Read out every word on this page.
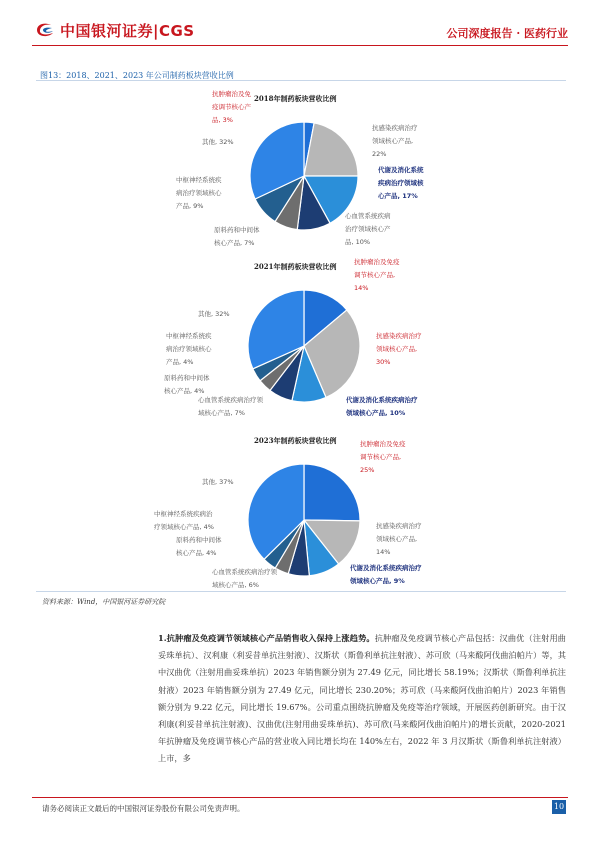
中国银河证券|CGS	公司深度报告 · 医药行业
图13：2018、2021、2023 年公司制药板块营收比例
2018年制药板块营收比例
抗肿瘤治及免
疫调节核心产
品, 3%
抗感染疾病治疗
领域核心产品,
22%
代谢及消化系统
疾病治疗领域核
心产品, 17%
心血管系统疾病
治疗领域核心产
品, 10%
原料药和中间体
核心产品, 7%
中枢神经系统疾
病治疗领域核心
产品, 9%
其他, 32%
2021年制药板块营收比例	抗肿瘤治及免疫
调节核心产品,
14%
抗感染疾病治疗
领域核心产品,
30%
代谢及消化系统疾病治疗
领域核心产品, 10%
心血管系统疾病治疗领
域核心产品, 7%
原料药和中间体
核心产品, 4%
中枢神经系统疾
病治疗领域核心
产品, 4%
其他, 32%
2023年制药板块营收比例	抗肿瘤治及免疫
调节核心产品,
25%
抗感染疾病治疗
领域核心产品,
14%
代谢及消化系统疾病治疗
领域核心产品, 9%
心血管系统疾病治疗领
域核心产品, 6%
原料药和中间体
核心产品, 4%
中枢神经系统疾病治
疗领域核心产品, 4%
其他, 37%
资料来源：Wind，中国银河证券研究院
1.抗肿瘤及免疫调节领域核心产品销售收入保持上涨趋势。抗肿瘤及免疫调节核心产品包括：汉曲优（注射用曲妥珠单抗）、汉利康（利妥昔单抗注射液）、汉斯状（斯鲁利单抗注射液）、苏可欣（马来酸阿伐曲泊帕片）等，其中汉曲优（注射用曲妥珠单抗）2023 年销售额分别为 27.49 亿元，同比增长 58.19%；汉斯状（斯鲁利单抗注射液）2023 年销售额分别为 27.49 亿元，同比增长 230.20%；苏可欣（马来酸阿伐曲泊帕片）2023 年销售额分别为 9.22 亿元，同比增长 19.67%。公司重点围绕抗肿瘤及免疫等治疗领域，开展医药创新研究。由于汉利康(利妥昔单抗注射液)、汉曲优(注射用曲妥珠单抗)、苏可欣(马来酸阿伐曲泊帕片)的增长贡献，2020-2021 年抗肿瘤及免疫调节核心产品的营业收入同比增长均在 140%左右，2022 年 3 月汉斯状（斯鲁利单抗注射液）上市，多
请务必阅读正文最后的中国银河证券股份有限公司免责声明。	10
